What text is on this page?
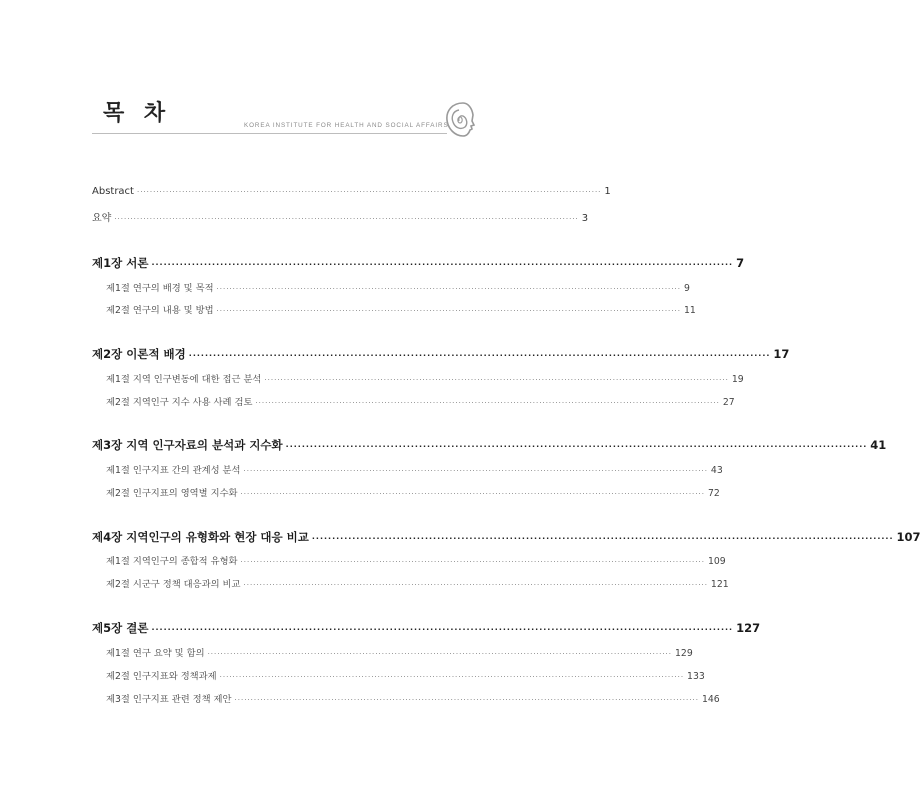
목 차	KOREA INSTITUTE FOR HEALTH AND SOCIAL AFFAIRS
Abstract ················································································································································ 1
요약 ················································································································································ 3
제1장 서론 ················································································································································ 7
제1절 연구의 배경 및 목적 ················································································································································ 9
제2절 연구의 내용 및 방법 ················································································································································ 11
제2장 이론적 배경 ················································································································································ 17
제1절 지역 인구변동에 대한 접근 분석 ················································································································································ 19
제2절 지역인구 지수 사용 사례 검토 ················································································································································ 27
제3장 지역 인구자료의 분석과 지수화 ················································································································································ 41
제1절 인구지표 간의 관계성 분석 ················································································································································ 43
제2절 인구지표의 영역별 지수화 ················································································································································ 72
제4장 지역인구의 유형화와 현장 대응 비교 ················································································································································ 107
제1절 지역인구의 종합적 유형화 ················································································································································ 109
제2절 시군구 정책 대응과의 비교 ················································································································································ 121
제5장 결론 ················································································································································ 127
제1절 연구 요약 및 함의 ················································································································································ 129
제2절 인구지표와 정책과제 ················································································································································ 133
제3절 인구지표 관련 정책 제안 ················································································································································ 146
